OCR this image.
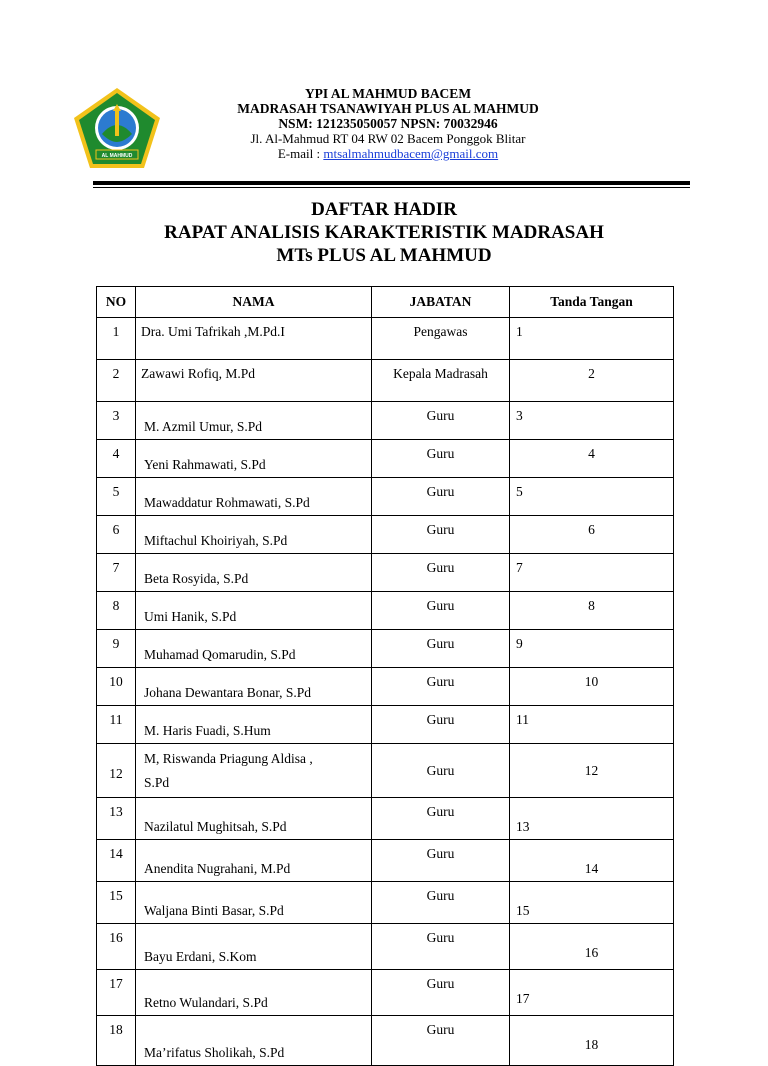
AL MAHMUD
YPI AL MAHMUD BACEM
MADRASAH TSANAWIYAH PLUS AL MAHMUD
NSM: 121235050057 NPSN: 70032946
Jl. Al-Mahmud RT 04 RW 02 Bacem Ponggok Blitar
E-mail : mtsalmahmudbacem@gmail.com
DAFTAR HADIR
RAPAT ANALISIS KARAKTERISTIK MADRASAH
MTs PLUS AL MAHMUD
NO	NAMA	JABATAN	Tanda Tangan
1	Dra. Umi Tafrikah ,M.Pd.I	Pengawas	1

2	Zawawi Rofiq, M.Pd	Kepala Madrasah	2

3	M. Azmil Umur, S.Pd	Guru	3

4	Yeni Rahmawati, S.Pd	Guru	4

5	Mawaddatur Rohmawati, S.Pd	Guru	5

6	Miftachul Khoiriyah, S.Pd	Guru	6

7	Beta Rosyida, S.Pd	Guru	7

8	Umi Hanik, S.Pd	Guru	8

9	Muhamad Qomarudin, S.Pd	Guru	9

10	Johana Dewantara Bonar, S.Pd	Guru	10

11	M. Haris Fuadi, S.Hum	Guru	11

12	M, Riswanda Priagung Aldisa ,
S.Pd	Guru	12

13	Nazilatul Mughitsah, S.Pd	Guru	13

14	Anendita Nugrahani, M.Pd	Guru	14

15	Waljana Binti Basar, S.Pd	Guru	15

16	Bayu Erdani, S.Kom	Guru	16

17	Retno Wulandari, S.Pd	Guru	17

18	Ma’rifatus Sholikah, S.Pd	Guru	18
